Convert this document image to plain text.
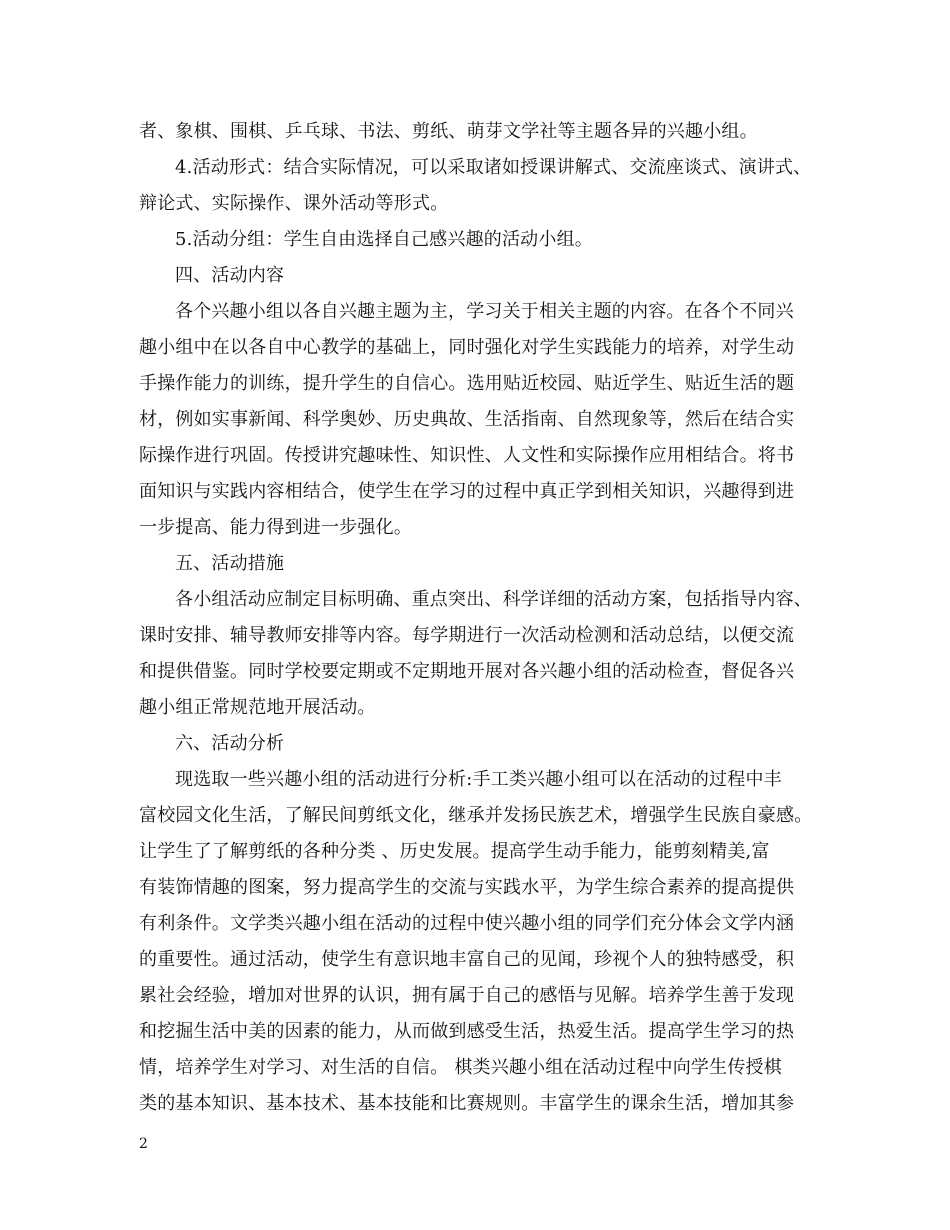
者、象棋、围棋、乒乓球、书法、剪纸、萌芽文学社等主题各异的兴趣小组。
4.活动形式：结合实际情况，可以采取诸如授课讲解式、交流座谈式、演讲式、
辩论式、实际操作、课外活动等形式。
5.活动分组：学生自由选择自己感兴趣的活动小组。
四、活动内容
各个兴趣小组以各自兴趣主题为主，学习关于相关主题的内容。在各个不同兴
趣小组中在以各自中心教学的基础上，同时强化对学生实践能力的培养，对学生动
手操作能力的训练，提升学生的自信心。选用贴近校园、贴近学生、贴近生活的题
材，例如实事新闻、科学奥妙、历史典故、生活指南、自然现象等，然后在结合实
际操作进行巩固。传授讲究趣味性、知识性、人文性和实际操作应用相结合。将书
面知识与实践内容相结合，使学生在学习的过程中真正学到相关知识，兴趣得到进
一步提高、能力得到进一步强化。
五、活动措施
各小组活动应制定目标明确、重点突出、科学详细的活动方案，包括指导内容、
课时安排、辅导教师安排等内容。每学期进行一次活动检测和活动总结，以便交流
和提供借鉴。同时学校要定期或不定期地开展对各兴趣小组的活动检查，督促各兴
趣小组正常规范地开展活动。
六、活动分析
现选取一些兴趣小组的活动进行分析:手工类兴趣小组可以在活动的过程中丰
富校园文化生活，了解民间剪纸文化，继承并发扬民族艺术，增强学生民族自豪感。
让学生了了解剪纸的各种分类 、历史发展。提高学生动手能力，能剪刻精美,富
有装饰情趣的图案，努力提高学生的交流与实践水平，为学生综合素养的提高提供
有利条件。文学类兴趣小组在活动的过程中使兴趣小组的同学们充分体会文学内涵
的重要性。通过活动，使学生有意识地丰富自己的见闻，珍视个人的独特感受，积
累社会经验，增加对世界的认识，拥有属于自己的感悟与见解。培养学生善于发现
和挖掘生活中美的因素的能力，从而做到感受生活，热爱生活。提高学生学习的热
情，培养学生对学习、对生活的自信。 棋类兴趣小组在活动过程中向学生传授棋
类的基本知识、基本技术、基本技能和比赛规则。丰富学生的课余生活，增加其参
2
